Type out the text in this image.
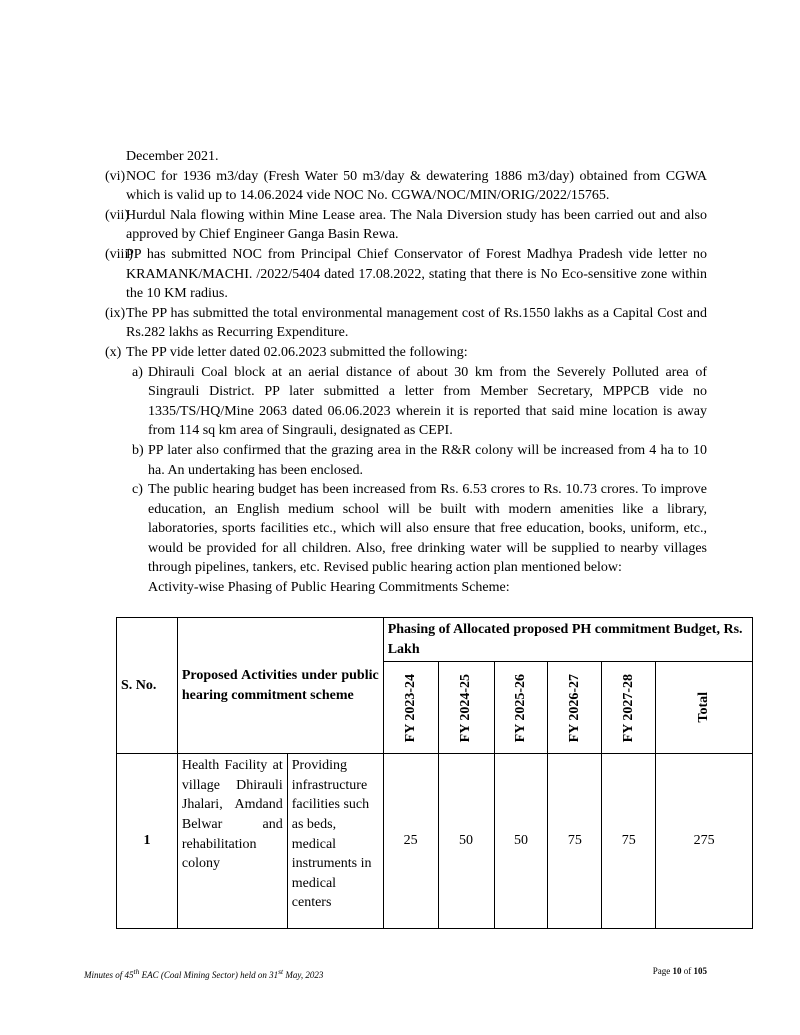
December 2021.
(vi) NOC for 1936 m3/day (Fresh Water 50 m3/day & dewatering 1886 m3/day) obtained from CGWA which is valid up to 14.06.2024 vide NOC No. CGWA/NOC/MIN/ORIG/2022/15765.
(vii)
Hurdul Nala flowing within Mine Lease area. The Nala Diversion study has been carried out and also approved by Chief Engineer Ganga Basin Rewa.
(viii)
PP has submitted NOC from Principal Chief Conservator of Forest Madhya Pradesh vide letter no KRAMANK/MACHI. /2022/5404 dated 17.08.2022, stating that there is No Eco-sensitive zone within the 10 KM radius.
(ix) The PP has submitted the total environmental management cost of Rs.1550 lakhs as a Capital Cost and Rs.282 lakhs as Recurring Expenditure.
(x) The PP vide letter dated 02.06.2023 submitted the following:
a) Dhirauli Coal block at an aerial distance of about 30 km from the Severely Polluted area of Singrauli District. PP later submitted a letter from Member Secretary, MPPCB vide no 1335/TS/HQ/Mine 2063 dated 06.06.2023 wherein it is reported that said mine location is away from 114 sq km area of Singrauli, designated as CEPI.
b) PP later also confirmed that the grazing area in the R&R colony will be increased from 4 ha to 10 ha. An undertaking has been enclosed.
c) The public hearing budget has been increased from Rs. 6.53 crores to Rs. 10.73 crores. To improve education, an English medium school will be built with modern amenities like a library, laboratories, sports facilities etc., which will also ensure that free education, books, uniform, etc., would be provided for all children. Also, free drinking water will be supplied to nearby villages through pipelines, tankers, etc. Revised public hearing action plan mentioned below:
Activity-wise Phasing of Public Hearing Commitments Scheme:
S. No.	Proposed Activities under public hearing commitment scheme		Phasing of Allocated proposed PH commitment Budget, Rs. Lakh					

			FY 2023-24	FY 2024-25	FY 2025-26	FY 2026-27	FY 2027-28	Total

1	Health Facility at village Dhirauli Jhalari, Amdand Belwar and rehabilitation colony	Providing infrastructure facilities such as beds, medical instruments in medical centers	25	50	50	75	75	275
Minutes of 45th EAC (Coal Mining Sector) held on 31st May, 2023	Page 10 of 105
